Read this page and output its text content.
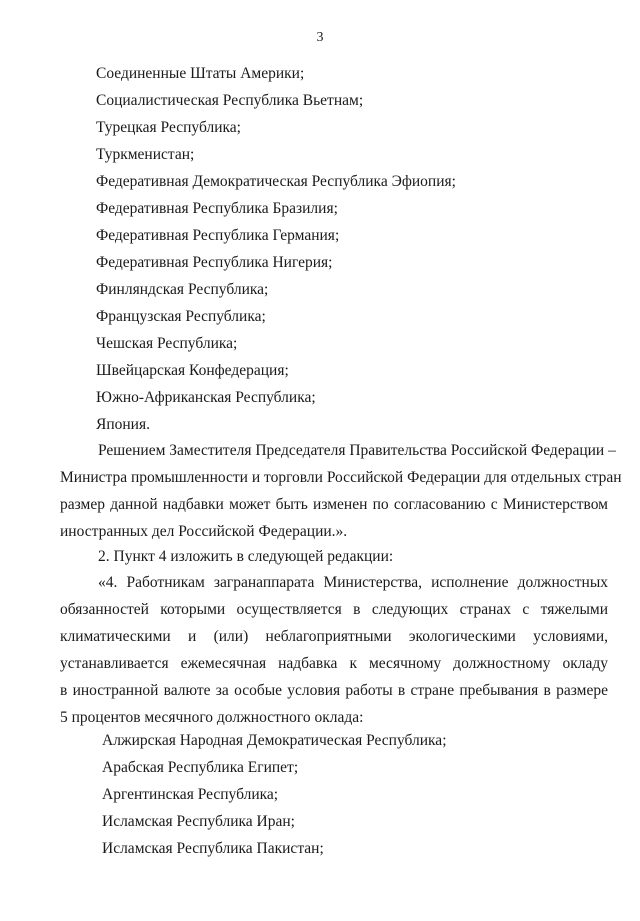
3
Соединенные Штаты Америки;
Социалистическая Республика Вьетнам;
Турецкая Республика;
Туркменистан;
Федеративная Демократическая Республика Эфиопия;
Федеративная Республика Бразилия;
Федеративная Республика Германия;
Федеративная Республика Нигерия;
Финляндская Республика;
Французская Республика;
Чешская Республика;
Швейцарская Конфедерация;
Южно-Африканская Республика;
Япония.

Решением Заместителя Председателя Правительства Российской Федерации –
Министра промышленности и торговли Российской Федерации для отдельных стран
размер данной надбавки может быть изменен по согласованию с Министерством
иностранных дел Российской Федерации.».

2. Пункт 4 изложить в следующей редакции:

«4. Работникам загранаппарата Министерства, исполнение должностных
обязанностей которыми осуществляется в следующих странах с тяжелыми
климатическими и (или) неблагоприятными экологическими условиями,
устанавливается ежемесячная надбавка к месячному должностному окладу
в иностранной валюте за особые условия работы в стране пребывания в размере
5 процентов месячного должностного оклада:

Алжирская Народная Демократическая Республика;
Арабская Республика Египет;
Аргентинская Республика;
Исламская Республика Иран;
Исламская Республика Пакистан;
